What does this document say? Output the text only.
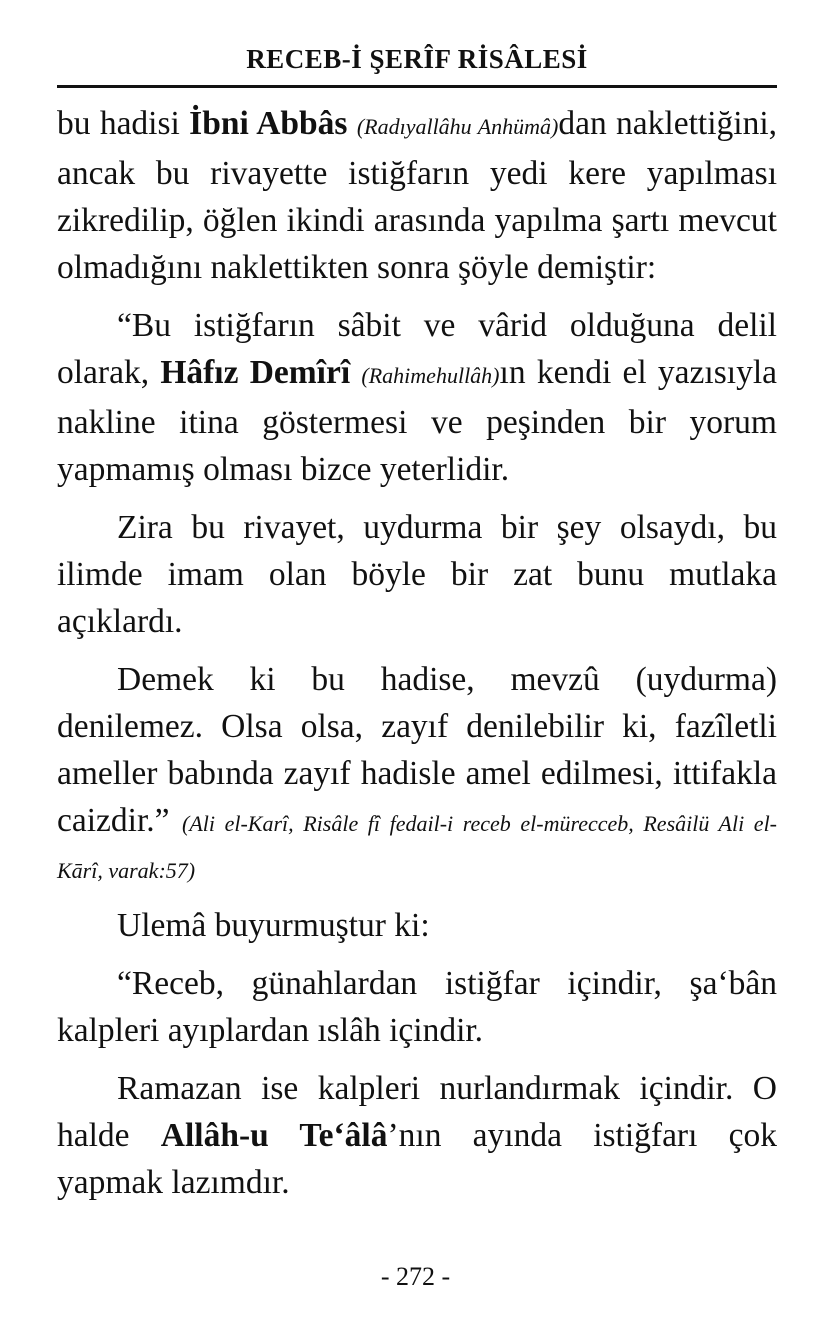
RECEB-İ ŞERÎF RİSÂLESİ

bu hadisi İbni Abbâs (Radıyallâhu Anhümâ)dan naklettiğini, ancak bu rivayette istiğfarın yedi kere yapılması zikredilip, öğlen ikindi arasında yapılma şartı mevcut olmadığını naklettikten sonra şöyle demiştir:

“Bu istiğfarın sâbit ve vârid olduğuna delil olarak, Hâfız Demîrî (Rahimehullâh)ın kendi el yazısıyla nakline itina göstermesi ve peşinden bir yorum yapmamış olması bizce yeterlidir.

Zira bu rivayet, uydurma bir şey olsaydı, bu ilimde imam olan böyle bir zat bunu mutlaka açıklardı.

Demek ki bu hadise, mevzû (uydurma) denilemez. Olsa olsa, zayıf denilebilir ki, fazîletli ameller babında zayıf hadisle amel edilmesi, ittifakla caizdir.” (Ali el-Karî, Risâle fî fedail-i receb el-mürecceb, Resâilü Ali el-Kārî, varak:57)

Ulemâ buyurmuştur ki:

“Receb, günahlardan istiğfar içindir, şa‘bân kalpleri ayıplardan ıslâh içindir.

Ramazan ise kalpleri nurlandırmak içindir. O halde Allâh-u Te‘âlâ’nın ayında istiğfarı çok yapmak lazımdır.

- 272 -
